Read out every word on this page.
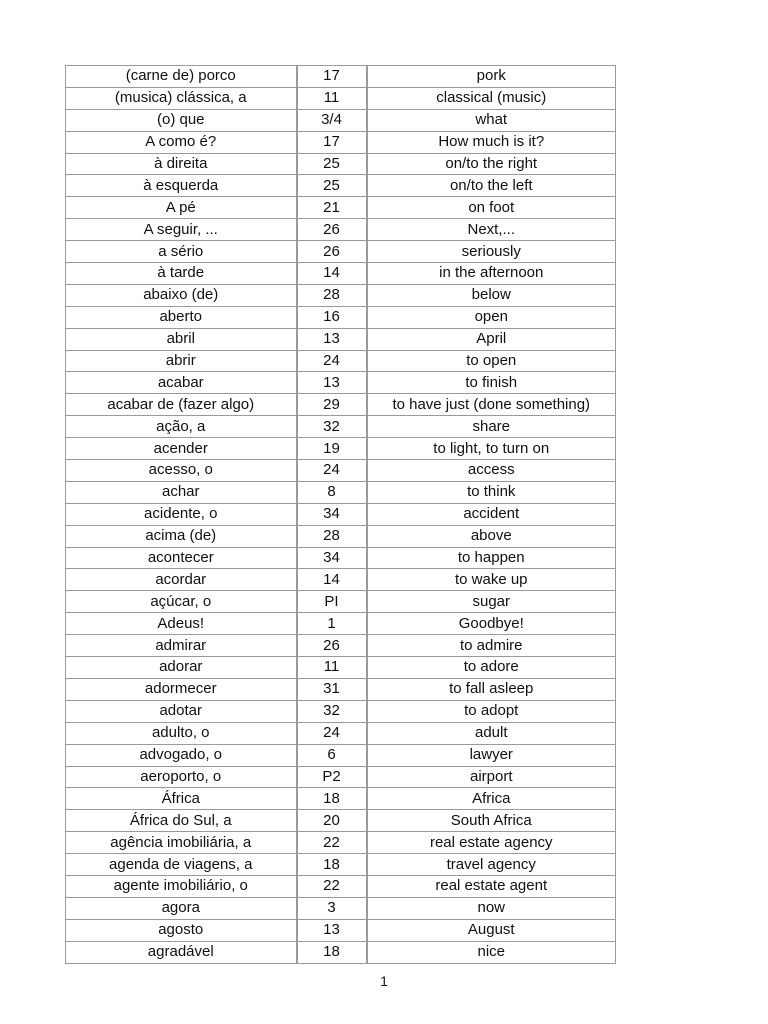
(carne de) porco	17	pork
(musica) clássica, a	11	classical (music)
(o) que	3/4	what
A como é?	17	How much is it?
à direita	25	on/to the right
à esquerda	25	on/to the left
A pé	21	on foot
A seguir, ...	26	Next,...
a sério	26	seriously
à tarde	14	in the afternoon
abaixo (de)	28	below
aberto	16	open
abril	13	April
abrir	24	to open
acabar	13	to finish
acabar de (fazer algo)	29	to have just (done something)
ação, a	32	share
acender	19	to light, to turn on
acesso, o	24	access
achar	8	to think
acidente, o	34	accident
acima (de)	28	above
acontecer	34	to happen
acordar	14	to wake up
açúcar, o	PI	sugar
Adeus!	1	Goodbye!
admirar	26	to admire
adorar	11	to adore
adormecer	31	to fall asleep
adotar	32	to adopt
adulto, o	24	adult
advogado, o	6	lawyer
aeroporto, o	P2	airport
África	18	Africa
África do Sul, a	20	South Africa
agência imobiliária, a	22	real estate agency
agenda de viagens, a	18	travel agency
agente imobiliário, o	22	real estate agent
agora	3	now
agosto	13	August
agradável	18	nice
1
